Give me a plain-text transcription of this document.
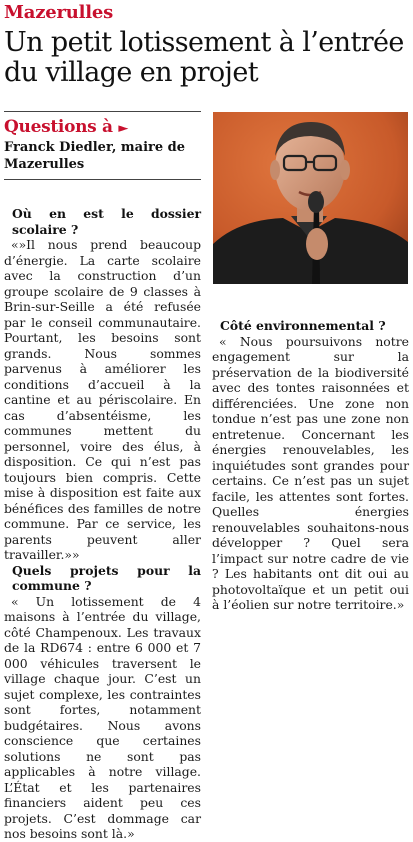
Mazerulles
Un petit lotissement à l’entrée du village en projet
Questions à ►
Franck Diedler, maire de Mazerulles

Où en est le dossier scolaire ?

«»Il nous prend beaucoup d’énergie. La carte scolaire avec la construction d’un groupe scolaire de 9 classes à Brin-sur-Seille a été refusée par le conseil communautaire. Pourtant, les besoins sont grands. Nous sommes parvenus à améliorer les conditions d’accueil à la cantine et au périscolaire. En cas d’absentéisme, les communes mettent du personnel, voire des élus, à disposition. Ce qui n’est pas toujours bien compris. Cette mise à disposition est faite aux bénéfices des familles de notre commune. Par ce service, les parents peuvent aller travailler.»»

Quels projets pour la commune ?

« Un lotissement de 4 maisons à l’entrée du village, côté Champenoux. Les travaux de la RD674 : entre 6 000 et 7 000 véhicules traversent le village chaque jour. C’est un sujet complexe, les contraintes sont fortes, notamment budgétaires. Nous avons conscience que certaines solutions ne sont pas applicables à notre village. L’État et les partenaires financiers aident peu ces projets. C’est dommage car nos besoins sont là.»

Côté environnemental ?

« Nous poursuivons notre engagement sur la préservation de la biodiversité avec des tontes raisonnées et différenciées. Une zone non tondue n’est pas une zone non entretenue. Concernant les énergies renouvelables, les inquiétudes sont grandes pour certains. Ce n’est pas un sujet facile, les attentes sont fortes. Quelles énergies renouvelables souhaitons-nous développer ? Quel sera l’impact sur notre cadre de vie ? Les habitants ont dit oui au photovoltaïque et un petit oui à l’éolien sur notre territoire.»
